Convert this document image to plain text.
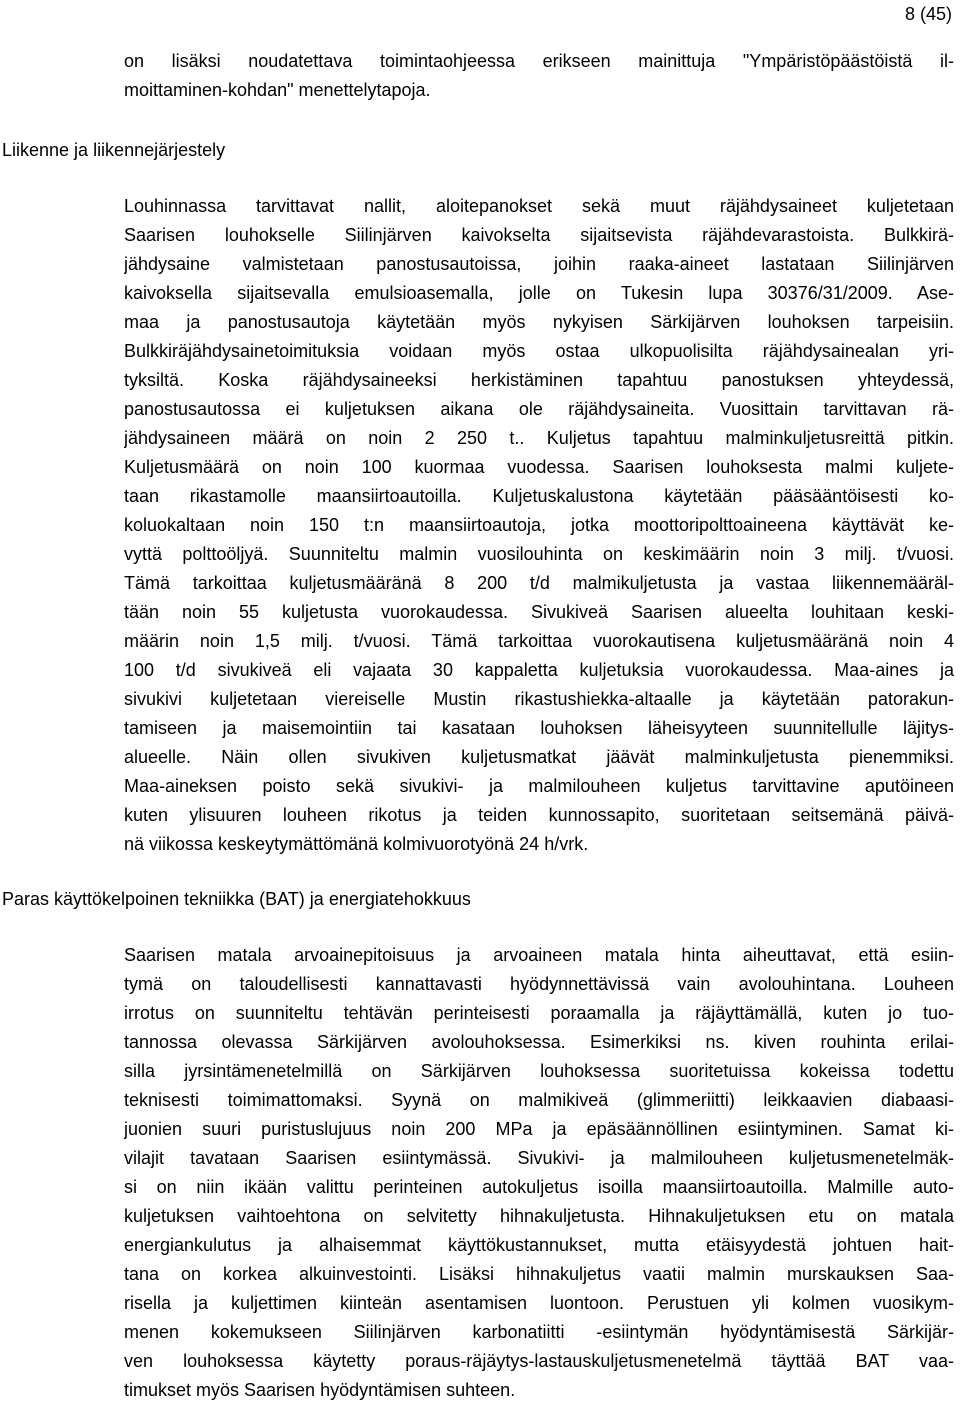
8 (45)
on lisäksi noudatettava toimintaohjeessa erikseen mainittuja "Ympäristöpäästöistä il-
moittaminen-kohdan" menettelytapoja.
Liikenne ja liikennejärjestely
Louhinnassa tarvittavat nallit, aloitepanokset sekä muut räjähdysaineet kuljetetaan
Saarisen louhokselle Siilinjärven kaivokselta sijaitsevista räjähdevarastoista. Bulkkirä-
jähdysaine valmistetaan panostusautoissa, joihin raaka-aineet lastataan Siilinjärven
kaivoksella sijaitsevalla emulsioasemalla, jolle on Tukesin lupa 30376/31/2009. Ase-
maa ja panostusautoja käytetään myös nykyisen Särkijärven louhoksen tarpeisiin.
Bulkkiräjähdysainetoimituksia voidaan myös ostaa ulkopuolisilta räjähdysainealan yri-
tyksiltä. Koska räjähdysaineeksi herkistäminen tapahtuu panostuksen yhteydessä,
panostusautossa ei kuljetuksen aikana ole räjähdysaineita. Vuosittain tarvittavan rä-
jähdysaineen määrä on noin 2 250 t.. Kuljetus tapahtuu malminkuljetusreittä pitkin.
Kuljetusmäärä on noin 100 kuormaa vuodessa. Saarisen louhoksesta malmi kuljete-
taan rikastamolle maansiirtoautoilla. Kuljetuskalustona käytetään pääsääntöisesti ko-
koluokaltaan noin 150 t:n maansiirtoautoja, jotka moottoripolttoaineena käyttävät ke-
vyttä polttoöljyä. Suunniteltu malmin vuosilouhinta on keskimäärin noin 3 milj. t/vuosi.
Tämä tarkoittaa kuljetusmääränä 8 200 t/d malmikuljetusta ja vastaa liikennemääräl-
tään noin 55 kuljetusta vuorokaudessa. Sivukiveä Saarisen alueelta louhitaan keski-
määrin noin 1,5 milj. t/vuosi. Tämä tarkoittaa vuorokautisena kuljetusmääränä noin 4
100 t/d sivukiveä eli vajaata 30 kappaletta kuljetuksia vuorokaudessa. Maa-aines ja
sivukivi kuljetetaan viereiselle Mustin rikastushiekka-altaalle ja käytetään patorakun-
tamiseen ja maisemointiin tai kasataan louhoksen läheisyyteen suunnitellulle läjitys-
alueelle. Näin ollen sivukiven kuljetusmatkat jäävät malminkuljetusta pienemmiksi.
Maa-aineksen poisto sekä sivukivi- ja malmilouheen kuljetus tarvittavine aputöineen
kuten ylisuuren louheen rikotus ja teiden kunnossapito, suoritetaan seitsemänä päivä-
nä viikossa keskeytymättömänä kolmivuorotyönä 24 h/vrk.
Paras käyttökelpoinen tekniikka (BAT) ja energiatehokkuus
Saarisen matala arvoainepitoisuus ja arvoaineen matala hinta aiheuttavat, että esiin-
tymä on taloudellisesti kannattavasti hyödynnettävissä vain avolouhintana. Louheen
irrotus on suunniteltu tehtävän perinteisesti poraamalla ja räjäyttämällä, kuten jo tuo-
tannossa olevassa Särkijärven avolouhoksessa. Esimerkiksi ns. kiven rouhinta erilai-
silla jyrsintämenetelmillä on Särkijärven louhoksessa suoritetuissa kokeissa todettu
teknisesti toimimattomaksi. Syynä on malmikiveä (glimmeriitti) leikkaavien diabaasi-
juonien suuri puristuslujuus noin 200 MPa ja epäsäännöllinen esiintyminen. Samat ki-
vilajit tavataan Saarisen esiintymässä. Sivukivi- ja malmilouheen kuljetusmenetelmäk-
si on niin ikään valittu perinteinen autokuljetus isoilla maansiirtoautoilla. Malmille auto-
kuljetuksen vaihtoehtona on selvitetty hihnakuljetusta. Hihnakuljetuksen etu on matala
energiankulutus ja alhaisemmat käyttökustannukset, mutta etäisyydestä johtuen hait-
tana on korkea alkuinvestointi. Lisäksi hihnakuljetus vaatii malmin murskauksen Saa-
risella ja kuljettimen kiinteän asentamisen luontoon. Perustuen yli kolmen vuosikym-
menen kokemukseen Siilinjärven karbonatiitti -esiintymän hyödyntämisestä Särkijär-
ven louhoksessa käytetty poraus-räjäytys-lastauskuljetusmenetelmä täyttää BAT vaa-
timukset myös Saarisen hyödyntämisen suhteen.
